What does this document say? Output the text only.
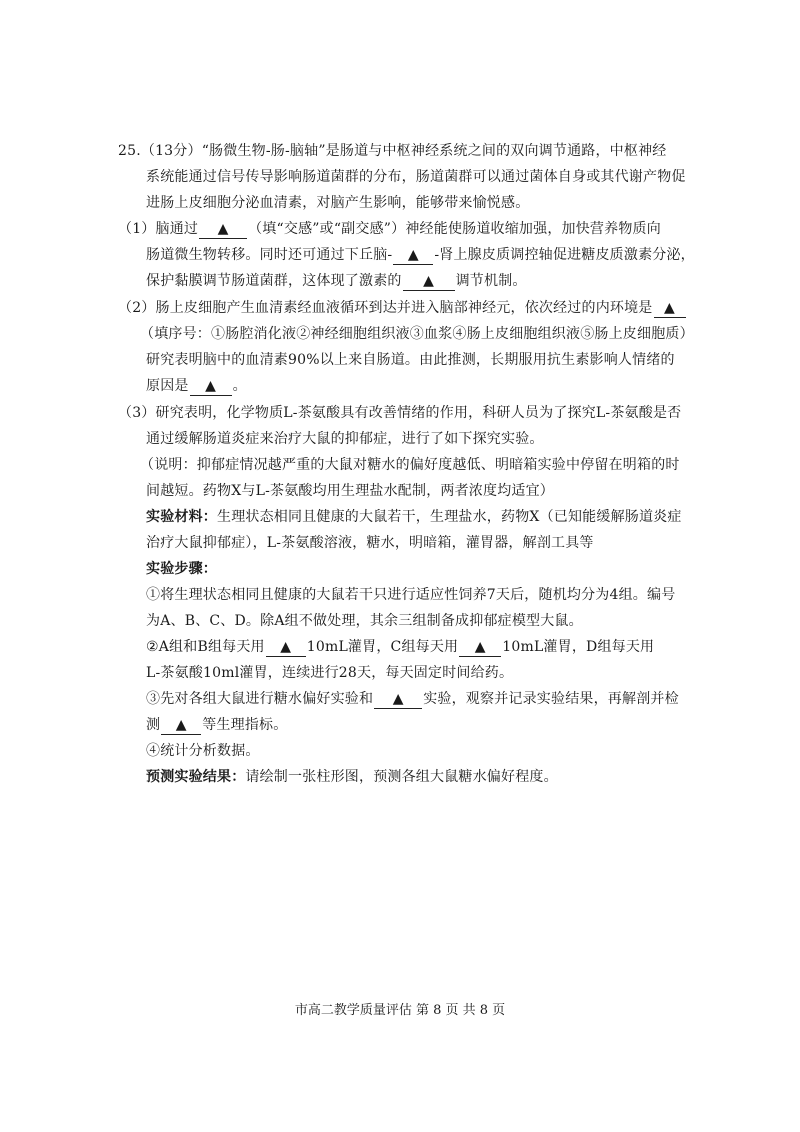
25.（13分）“肠微生物-肠-脑轴”是肠道与中枢神经系统之间的双向调节通路，中枢神经
系统能通过信号传导影响肠道菌群的分布，肠道菌群可以通过菌体自身或其代谢产物促
进肠上皮细胞分泌血清素，对脑产生影响，能够带来愉悦感。
（1）脑通过 ▲ （填“交感”或“副交感”）神经能使肠道收缩加强，加快营养物质向
肠道微生物转移。同时还可通过下丘脑- ▲ -肾上腺皮质调控轴促进糖皮质激素分泌，
保护黏膜调节肠道菌群，这体现了激素的 ▲ 调节机制。
（2）肠上皮细胞产生血清素经血液循环到达并进入脑部神经元，依次经过的内环境是 ▲
（填序号：①肠腔消化液②神经细胞组织液③血浆④肠上皮细胞组织液⑤肠上皮细胞质）
研究表明脑中的血清素90%以上来自肠道。由此推测，长期服用抗生素影响人情绪的
原因是 ▲ 。
（3）研究表明，化学物质L-茶氨酸具有改善情绪的作用，科研人员为了探究L-茶氨酸是否
通过缓解肠道炎症来治疗大鼠的抑郁症，进行了如下探究实验。
（说明：抑郁症情况越严重的大鼠对糖水的偏好度越低、明暗箱实验中停留在明箱的时
间越短。药物X与L-茶氨酸均用生理盐水配制，两者浓度均适宜）
实验材料：生理状态相同且健康的大鼠若干，生理盐水，药物X（已知能缓解肠道炎症
治疗大鼠抑郁症），L-茶氨酸溶液，糖水，明暗箱，灌胃器，解剖工具等
实验步骤：
①将生理状态相同且健康的大鼠若干只进行适应性饲养7天后，随机均分为4组。编号
为A、B、C、D。除A组不做处理，其余三组制备成抑郁症模型大鼠。
②A组和B组每天用 ▲ 10mL灌胃，C组每天用 ▲ 10mL灌胃，D组每天用
L-茶氨酸10ml灌胃，连续进行28天，每天固定时间给药。
③先对各组大鼠进行糖水偏好实验和 ▲ 实验，观察并记录实验结果，再解剖并检
测 ▲ 等生理指标。
④统计分析数据。
预测实验结果：请绘制一张柱形图，预测各组大鼠糖水偏好程度。
市高二教学质量评估 第 8 页 共 8 页
